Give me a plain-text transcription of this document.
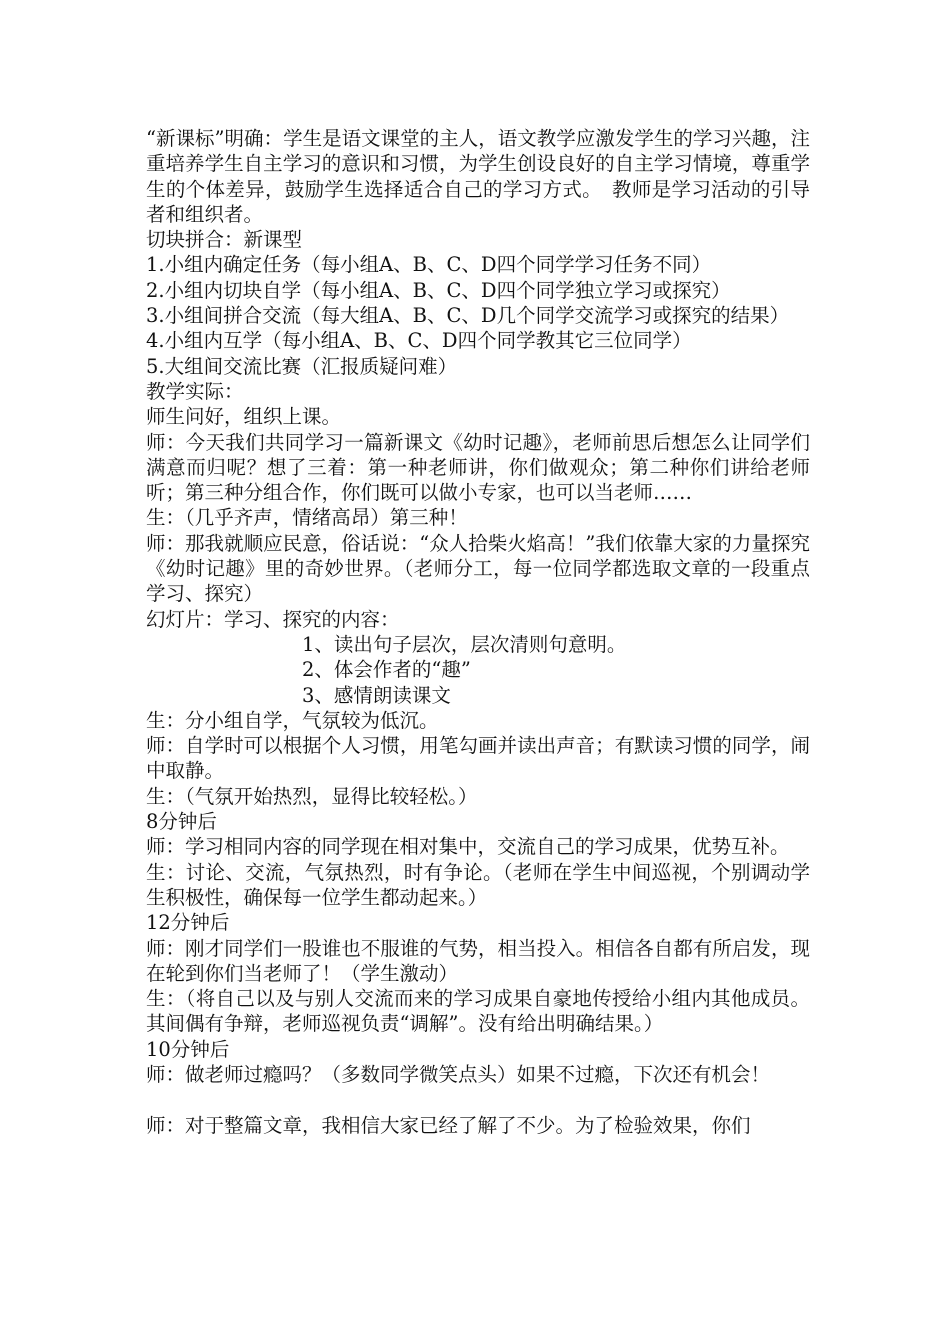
“新课标”明确：学生是语文课堂的主人，语文教学应激发学生的学习兴趣，注重培养学生自主学习的意识和习惯，为学生创设良好的自主学习情境，尊重学生的个体差异，鼓励学生选择适合自己的学习方式。　教师是学习活动的引导者和组织者。

切块拼合：新课型

1.小组内确定任务（每小组A、B、C、D四个同学学习任务不同）

2.小组内切块自学（每小组A、B、C、D四个同学独立学习或探究）

3.小组间拼合交流（每大组A、B、C、D几个同学交流学习或探究的结果）

4.小组内互学（每小组A、B、C、D四个同学教其它三位同学）

5.大组间交流比赛（汇报质疑问难）

教学实际：

师生问好，组织上课。

师：今天我们共同学习一篇新课文《幼时记趣》，老师前思后想怎么让同学们满意而归呢？想了三着：第一种老师讲，你们做观众；第二种你们讲给老师听；第三种分组合作，你们既可以做小专家，也可以当老师……

生：（几乎齐声，情绪高昂）第三种！

师：那我就顺应民意，俗话说：“众人拾柴火焰高！”我们依靠大家的力量探究《幼时记趣》里的奇妙世界。（老师分工，每一位同学都选取文章的一段重点学习、探究）

幻灯片：学习、探究的内容：

1、读出句子层次，层次清则句意明。

2、体会作者的“趣”

3、感情朗读课文

生：分小组自学，气氛较为低沉。

师：自学时可以根据个人习惯，用笔勾画并读出声音；有默读习惯的同学，闹中取静。

生：（气氛开始热烈，显得比较轻松。）

8分钟后

师：学习相同内容的同学现在相对集中，交流自己的学习成果，优势互补。

生：讨论、交流，气氛热烈，时有争论。（老师在学生中间巡视，个别调动学生积极性，确保每一位学生都动起来。）

12分钟后

师：刚才同学们一股谁也不服谁的气势，相当投入。相信各自都有所启发，现在轮到你们当老师了！（学生激动）

生：（将自己以及与别人交流而来的学习成果自豪地传授给小组内其他成员。其间偶有争辩，老师巡视负责“调解”。没有给出明确结果。）

10分钟后

师：做老师过瘾吗？（多数同学微笑点头）如果不过瘾，下次还有机会！

师：对于整篇文章，我相信大家已经了解了不少。为了检验效果，你们
